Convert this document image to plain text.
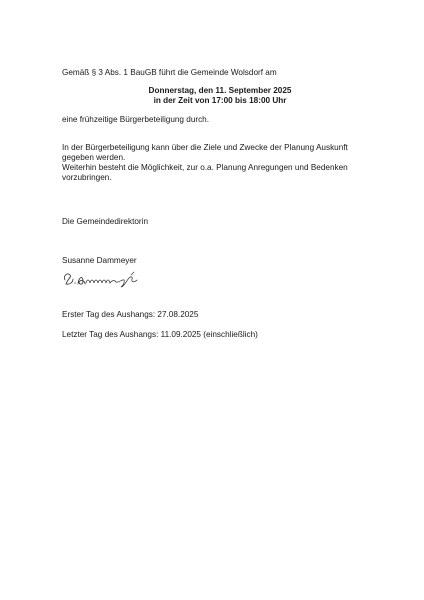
Gemäß § 3 Abs. 1 BauGB führt die Gemeinde Wolsdorf am
Donnerstag, den 11. September 2025
in der Zeit von 17:00 bis 18:00 Uhr
eine frühzeitige Bürgerbeteiligung durch.
In der Bürgerbeteiligung kann über die Ziele und Zwecke der Planung Auskunft
gegeben werden.
Weiterhin besteht die Möglichkeit, zur o.a. Planung Anregungen und Bedenken
vorzubringen.
Die Gemeindedirektorin
Susanne Dammeyer
Erster Tag des Aushangs: 27.08.2025
Letzter Tag des Aushangs: 11.09.2025 (einschließlich)
